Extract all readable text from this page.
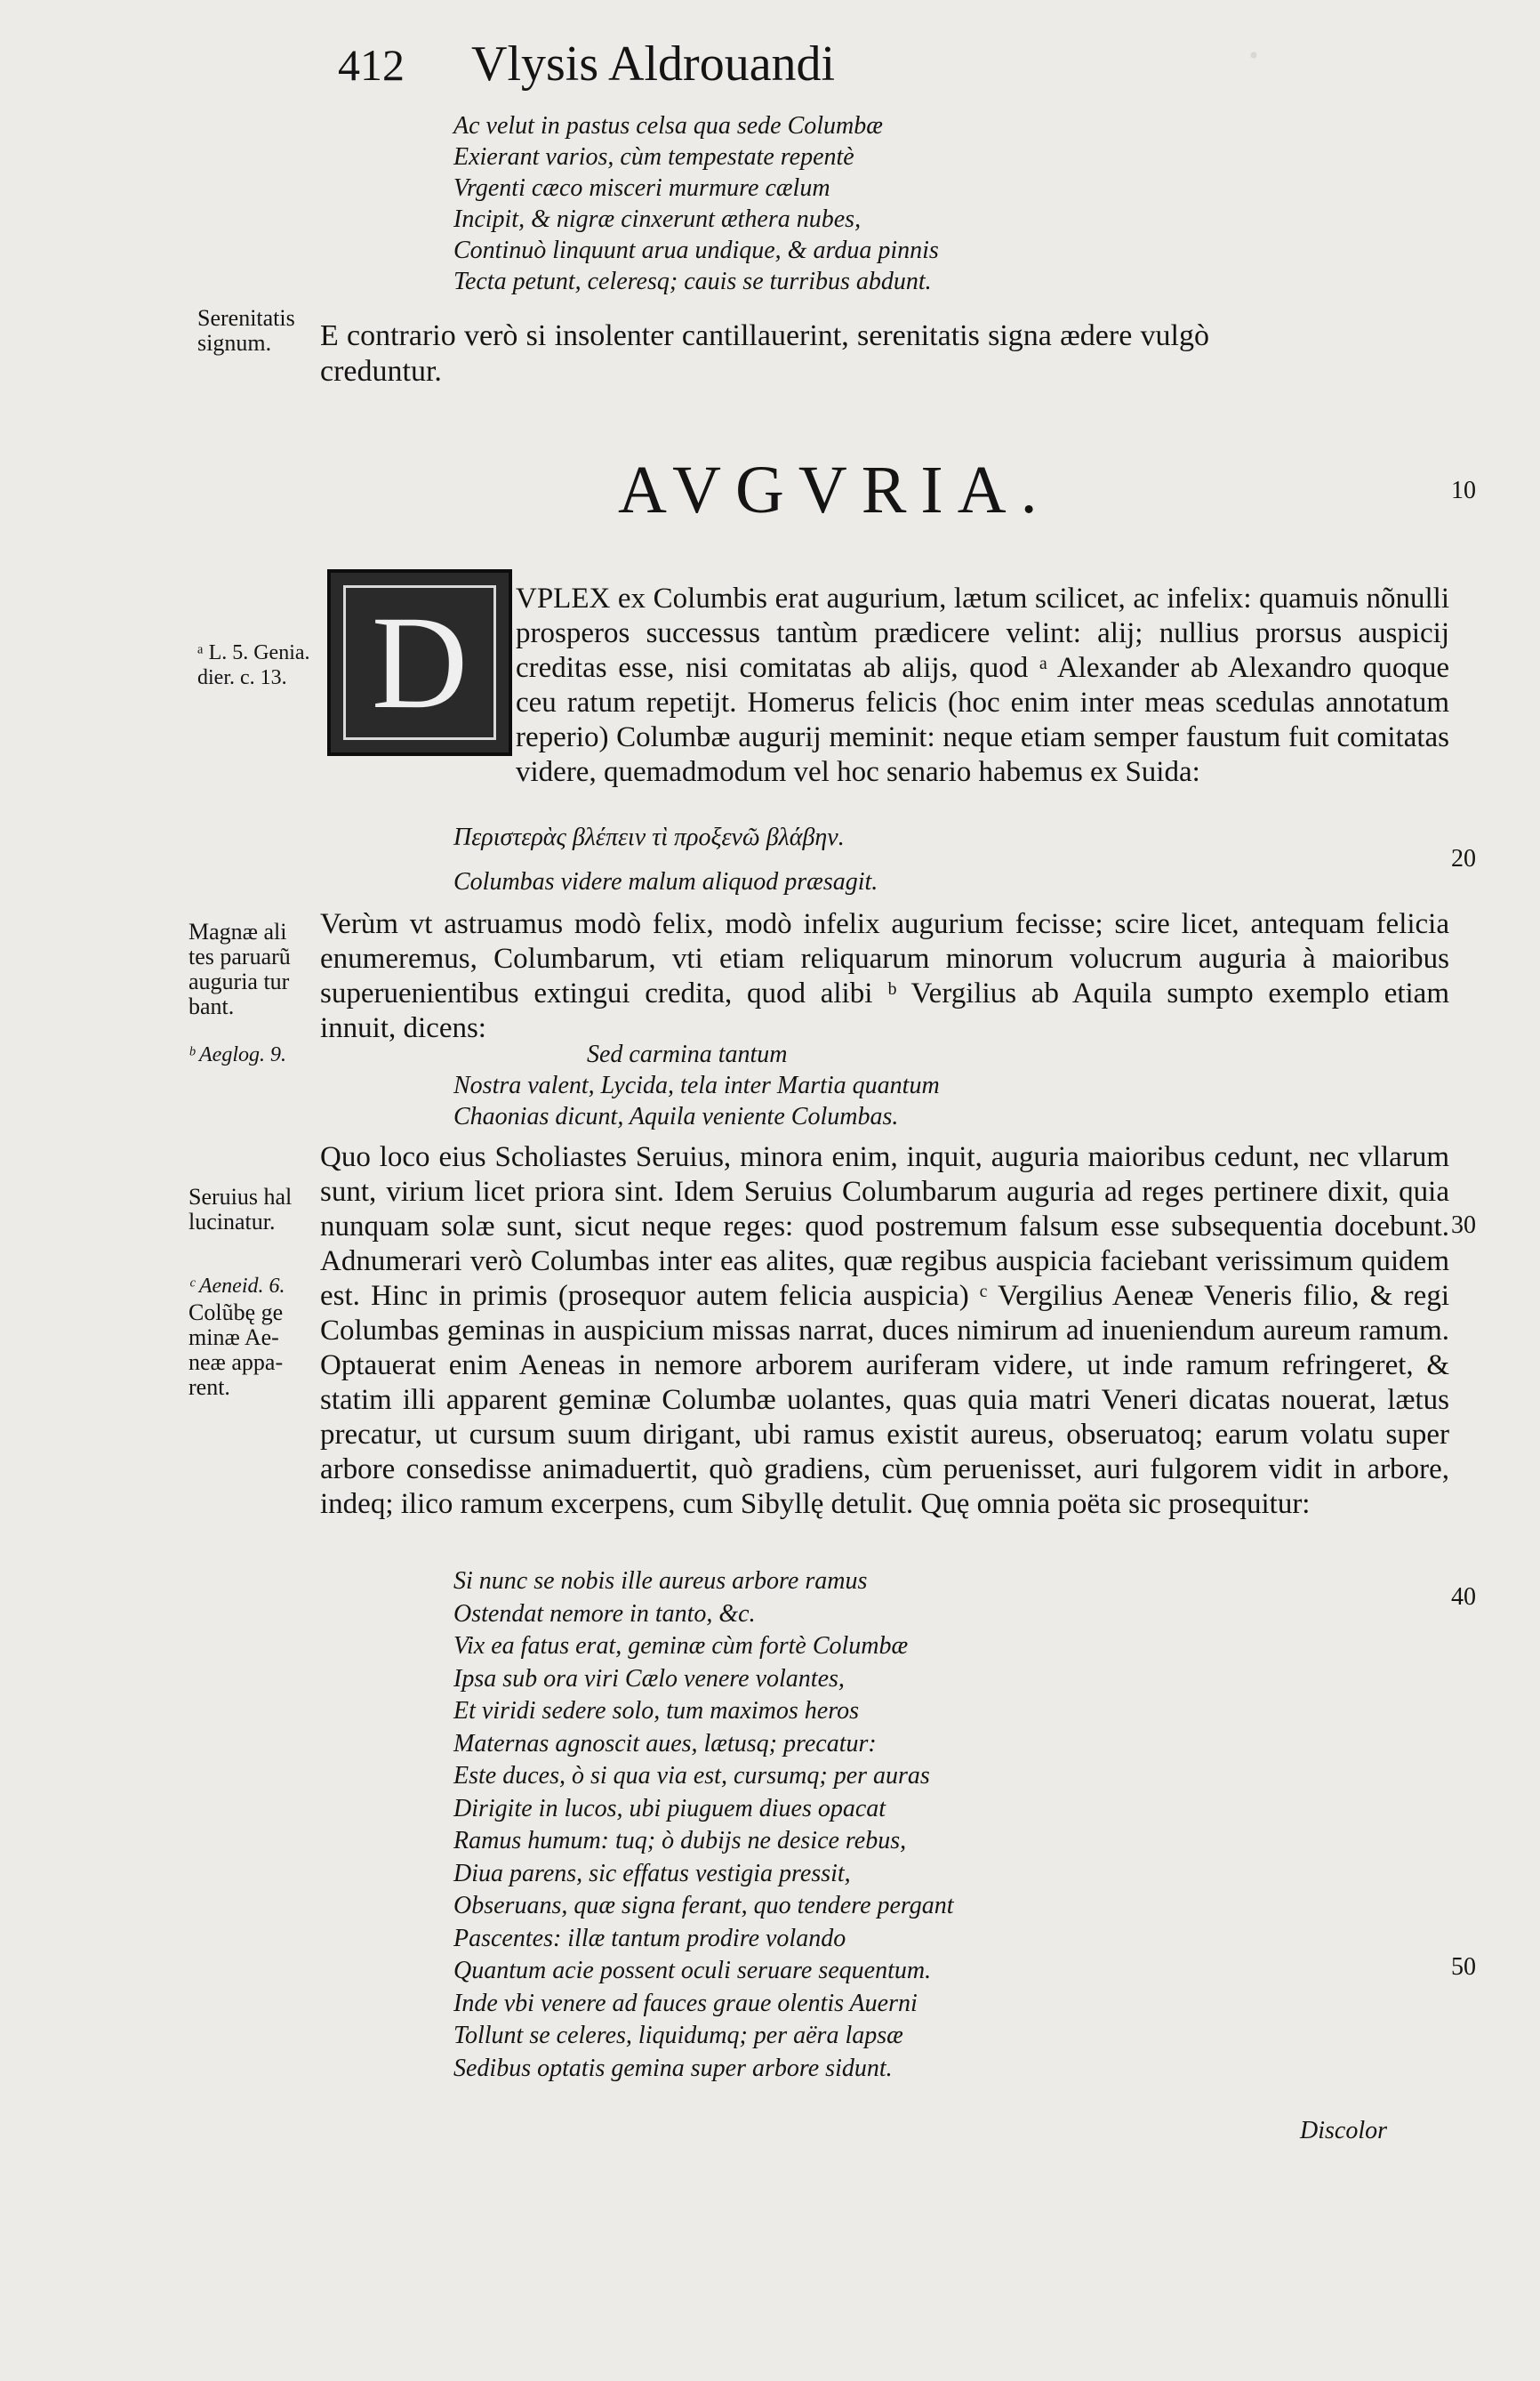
·
412 Vlysis Aldrouandi
Ac velut in pastus celsa qua sede Columbæ
Exierant varios, cùm tempestate repentè
Vrgenti cæco misceri murmure cælum
Incipit, & nigræ cinxerunt æthera nubes,
Continuò linquunt arua undique, & ardua pinnis
Tecta petunt, celeresq; cauis se turribus abdunt.
Serenitatis
signum.	E contrario verò si insolenter cantillauerint, serenitatis signa ædere vulgò creduntur.

AVGVRIA.	10
D
ᵃ L. 5. Genia.
dier. c. 13.

VPLEX ex Columbis erat augurium, lætum scilicet, ac infelix: quamuis nõnulli prosperos successus tantùm prædicere velint: alij; nullius prorsus auspicij creditas esse, nisi comitatas ab alijs, quod ᵃ Alexander ab Alexandro quoque ceu ratum repetijt. Homerus felicis (hoc enim inter meas scedulas annotatum reperio) Columbæ augurij meminit: neque etiam semper faustum fuit comitatas videre, quemadmodum vel hoc senario habemus ex Suida:

Περιστερὰς βλέπειν τὶ προξενῶ βλάβην.
20
Columbas videre malum aliquod præsagit.
Magnæ ali
tes paruarũ
auguria tur
bant.
ᵇ Aeglog. 9.

Verùm vt astruamus modò felix, modò infelix augurium fecisse; scire licet, antequam felicia enumeremus, Columbarum, vti etiam reliquarum minorum volucrum auguria à maioribus superuenientibus extingui credita, quod alibi ᵇ Vergilius ab Aquila sumpto exemplo etiam innuit, dicens:

Sed carmina tantum
Nostra valent, Lycida, tela inter Martia quantum
Chaonias dicunt, Aquila veniente Columbas.
Seruius hal
lucinatur.	30
ᶜ Aeneid. 6.
Colũbę ge
minæ Ae-
neæ appa-
rent.

Quo loco eius Scholiastes Seruius, minora enim, inquit, auguria maioribus cedunt, nec vllarum sunt, virium licet priora sint. Idem Seruius Columbarum auguria ad reges pertinere dixit, quia nunquam solæ sunt, sicut neque reges: quod postremum falsum esse subsequentia docebunt. Adnumerari verò Columbas inter eas alites, quæ regibus auspicia faciebant verissimum quidem est. Hinc in primis (prosequor autem felicia auspicia) ᶜ Vergilius Aeneæ Veneris filio, & regi Columbas geminas in auspicium missas narrat, duces nimirum ad inueniendum aureum ramum. Optauerat enim Aeneas in nemore arborem auriferam videre, ut inde ramum refringeret, & statim illi apparent geminæ Columbæ uolantes, quas quia matri Veneri dicatas nouerat, lætus precatur, ut cursum suum dirigant, ubi ramus existit aureus, obseruatoq; earum volatu super arbore consedisse animaduertit, quò gradiens, cùm peruenisset, auri fulgorem vidit in arbore, indeq; ilico ramum excerpens, cum Sibyllę detulit. Quę omnia poëta sic prosequitur:

Si nunc se nobis ille aureus arbore ramus
Ostendat nemore in tanto, &c.
Vix ea fatus erat, geminæ cùm fortè Columbæ
Ipsa sub ora viri Cælo venere volantes,
Et viridi sedere solo, tum maximos heros
Maternas agnoscit aues, lætusq; precatur:
Este duces, ò si qua via est, cursumq; per auras
Dirigite in lucos, ubi piuguem diues opacat
Ramus humum: tuq; ò dubijs ne desice rebus,
Diua parens, sic effatus vestigia pressit,
Obseruans, quæ signa ferant, quo tendere pergant
Pascentes: illæ tantum prodire volando
Quantum acie possent oculi seruare sequentum.
Inde vbi venere ad fauces graue olentis Auerni
Tollunt se celeres, liquidumq; per aëra lapsæ
Sedibus optatis gemina super arbore sidunt.
40
50
Discolor
